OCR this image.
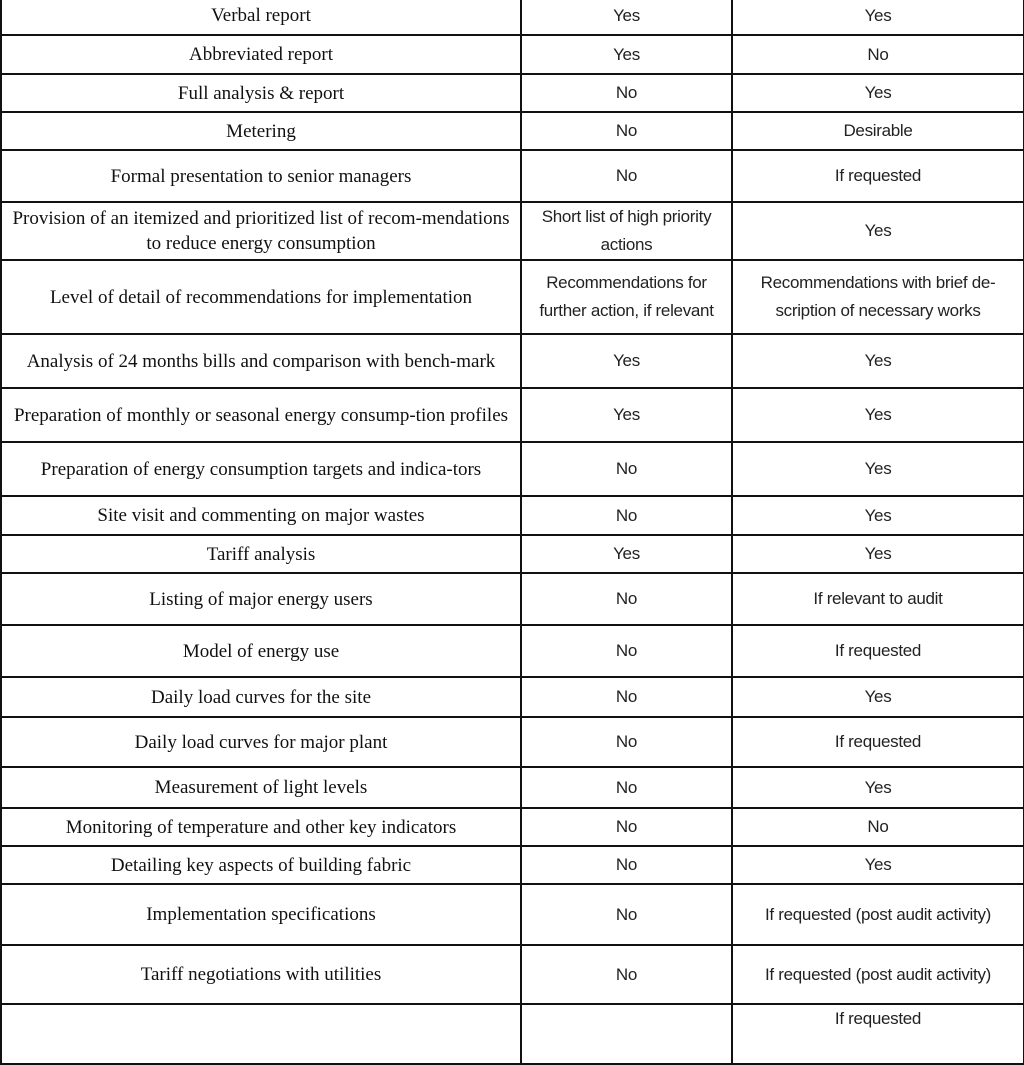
Verbal report	Yes	Yes
Abbreviated report	Yes	No
Full analysis & report	No	Yes
Metering	No	Desirable
Formal presentation to senior managers	No	If requested
Provision of an itemized and prioritized list of recom-mendations to reduce energy consumption	Short list of high priority actions	Yes
Level of detail of recommendations for implementation	Recommendations for further action, if relevant	Recommendations with brief de-scription of necessary works
Analysis of 24 months bills and comparison with bench-mark	Yes	Yes
Preparation of monthly or seasonal energy consump-tion profiles	Yes	Yes
Preparation of energy consumption targets and indica-tors	No	Yes
Site visit and commenting on major wastes	No	Yes
Tariff analysis	Yes	Yes
Listing of major energy users	No	If relevant to audit
Model of energy use	No	If requested
Daily load curves for the site	No	Yes
Daily load curves for major plant	No	If requested
Measurement of light levels	No	Yes
Monitoring of temperature and other key indicators	No	No
Detailing key aspects of building fabric	No	Yes
Implementation specifications	No	If requested (post audit activity)
Tariff negotiations with utilities	No	If requested (post audit activity)
		If requested
